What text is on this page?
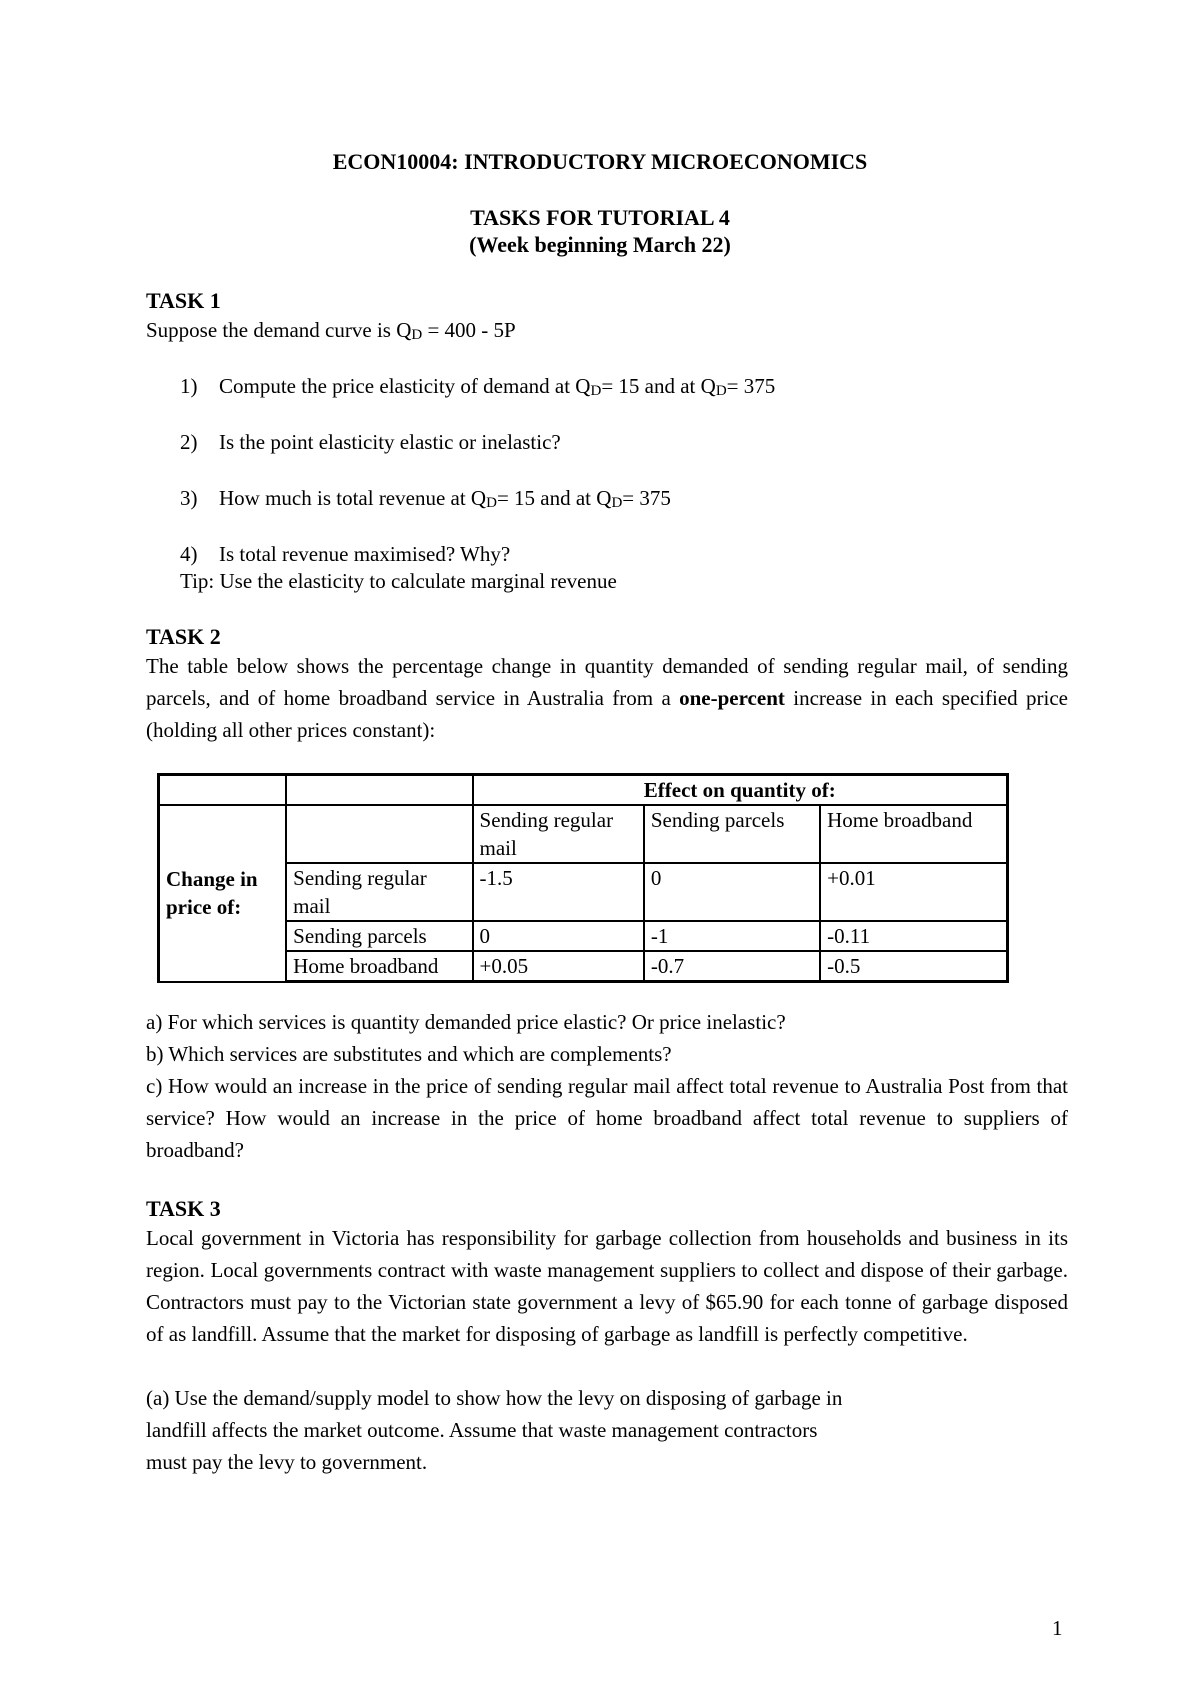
ECON10004: INTRODUCTORY MICROECONOMICS
TASKS FOR TUTORIAL 4
(Week beginning March 22)
TASK 1
Suppose the demand curve is QD = 400 - 5P
1)	Compute the price elasticity of demand at QD= 15 and at QD= 375
2)	Is the point elasticity elastic or inelastic?
3)	How much is total revenue at QD= 15 and at QD= 375
4)	Is total revenue maximised? Why?
Tip: Use the elasticity to calculate marginal revenue
TASK 2
The table below shows the percentage change in quantity demanded of sending regular mail, of sending parcels, and of home broadband service in Australia from a one-percent increase in each specified price (holding all other prices constant):
		Effect on quantity of:		
Change in price of:		Sending regular mail	Sending parcels	Home broadband
	Sending regular mail	-1.5	0	+0.01
	Sending parcels	0	-1	-0.11
	Home broadband	+0.05	-0.7	-0.5
a) For which services is quantity demanded price elastic? Or price inelastic?
b) Which services are substitutes and which are complements?
c) How would an increase in the price of sending regular mail affect total revenue to Australia Post from that service? How would an increase in the price of home broadband affect total revenue to suppliers of broadband?
TASK 3
Local government in Victoria has responsibility for garbage collection from households and business in its region. Local governments contract with waste management suppliers to collect and dispose of their garbage. Contractors must pay to the Victorian state government a levy of $65.90 for each tonne of garbage disposed of as landfill. Assume that the market for disposing of garbage as landfill is perfectly competitive.
(a) Use the demand/supply model to show how the levy on disposing of garbage in
landfill affects the market outcome. Assume that waste management contractors
must pay the levy to government.
1
